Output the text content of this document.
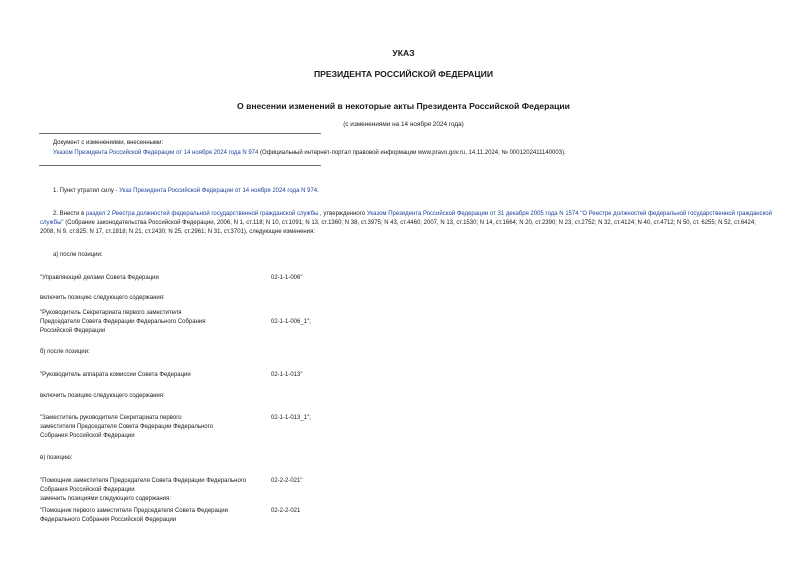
УКАЗ
ПРЕЗИДЕНТА РОССИЙСКОЙ ФЕДЕРАЦИИ
О внесении изменений в некоторые акты Президента Российской Федерации
(с изменениями на 14 ноября 2024 года)
Документ с изменениями, внесенными:
Указом Президента Российской Федерации от 14 ноября 2024 года N 974 (Официальный интернет-портал правовой информации www.pravo.gov.ru, 14.11.2024, № 0001202411140003).
1. Пункт утратил силу - Указ Президента Российской Федерации от 14 ноября 2024 года N 974.
2. Внести в раздел 2 Реестра должностей федеральной государственной гражданской службы , утвержденного Указом Президента Российской Федерации от 31 декабря 2005 года N 1574 "О Реестре должностей федеральной государственной гражданской службы" (Собрание законодательства Российской Федерации, 2006, N 1, ст.118; N 10, ст.1091; N 13, ст.1360; N 38, ст.3975; N 43, ст.4460; 2007, N 13, ст.1530; N 14, ст.1664; N 20, ст.2390; N 23, ст.2752; N 32, ст.4124; N 40, ст.4712; N 50, ст. 6255; N 52, ст.6424; 2008, N 9, ст.825; N 17, ст.1818; N 21, ст.2430; N 25, ст.2961; N 31, ст.3701), следующие изменения:
а) после позиции:
"Управляющий делами Совета Федерации	02-1-1-006"
включить позицию следующего содержания:
"Руководитель Секретариата первого заместителя Председателя Совета Федерации Федерального Собрания Российской Федерации
02-1-1-006_1";
б) после позиции:
"Руководитель аппарата комиссии Совета Федерации	02-1-1-013"
включить позицию следующего содержания:
"Заместитель руководителя Секретариата первого заместителя Председателя Совета Федерации Федерального Собрания Российской Федерации
02-1-1-013_1";
в) позицию:
"Помощник заместителя Председателя Совета Федерации Федерального Собрания Российской Федерации
02-2-2-021"
заменить позициями следующего содержания:
"Помощник первого заместителя Председателя Совета Федерации Федерального Собрания Российской Федерации
02-2-2-021
